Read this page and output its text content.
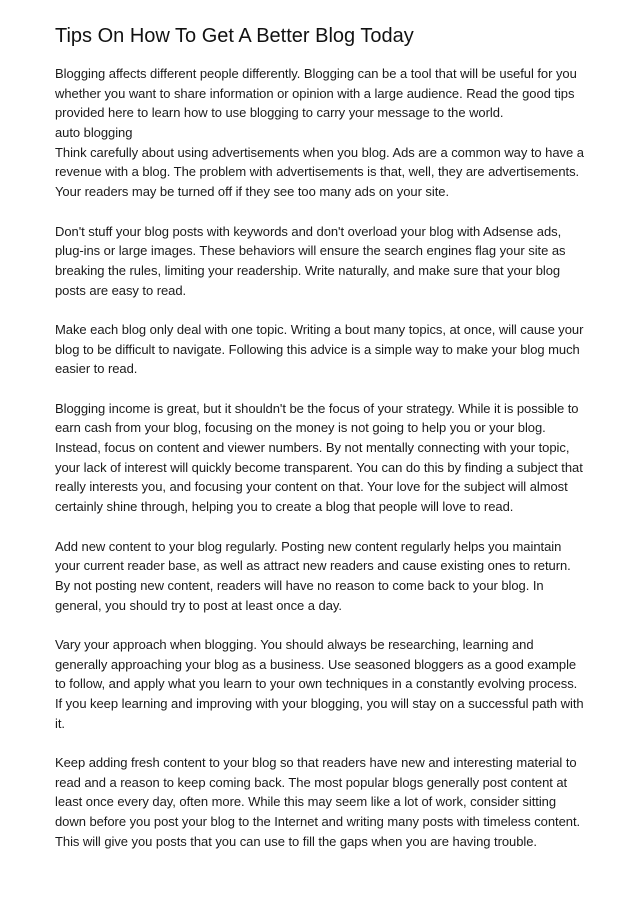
Tips On How To Get A Better Blog Today
Blogging affects different people differently. Blogging can be a tool that will be useful for you
whether you want to share information or opinion with a large audience. Read the good tips
provided here to learn how to use blogging to carry your message to the world.
auto blogging
Think carefully about using advertisements when you blog. Ads are a common way to have a
revenue with a blog. The problem with advertisements is that, well, they are advertisements.
Your readers may be turned off if they see too many ads on your site.
Don't stuff your blog posts with keywords and don't overload your blog with Adsense ads,
plug-ins or large images. These behaviors will ensure the search engines flag your site as
breaking the rules, limiting your readership. Write naturally, and make sure that your blog
posts are easy to read.
Make each blog only deal with one topic. Writing a bout many topics, at once, will cause your
blog to be difficult to navigate. Following this advice is a simple way to make your blog much
easier to read.
Blogging income is great, but it shouldn't be the focus of your strategy. While it is possible to
earn cash from your blog, focusing on the money is not going to help you or your blog.
Instead, focus on content and viewer numbers. By not mentally connecting with your topic,
your lack of interest will quickly become transparent. You can do this by finding a subject that
really interests you, and focusing your content on that. Your love for the subject will almost
certainly shine through, helping you to create a blog that people will love to read.
Add new content to your blog regularly. Posting new content regularly helps you maintain
your current reader base, as well as attract new readers and cause existing ones to return.
By not posting new content, readers will have no reason to come back to your blog. In
general, you should try to post at least once a day.
Vary your approach when blogging. You should always be researching, learning and
generally approaching your blog as a business. Use seasoned bloggers as a good example
to follow, and apply what you learn to your own techniques in a constantly evolving process.
If you keep learning and improving with your blogging, you will stay on a successful path with
it.
Keep adding fresh content to your blog so that readers have new and interesting material to
read and a reason to keep coming back. The most popular blogs generally post content at
least once every day, often more. While this may seem like a lot of work, consider sitting
down before you post your blog to the Internet and writing many posts with timeless content.
This will give you posts that you can use to fill the gaps when you are having trouble.
